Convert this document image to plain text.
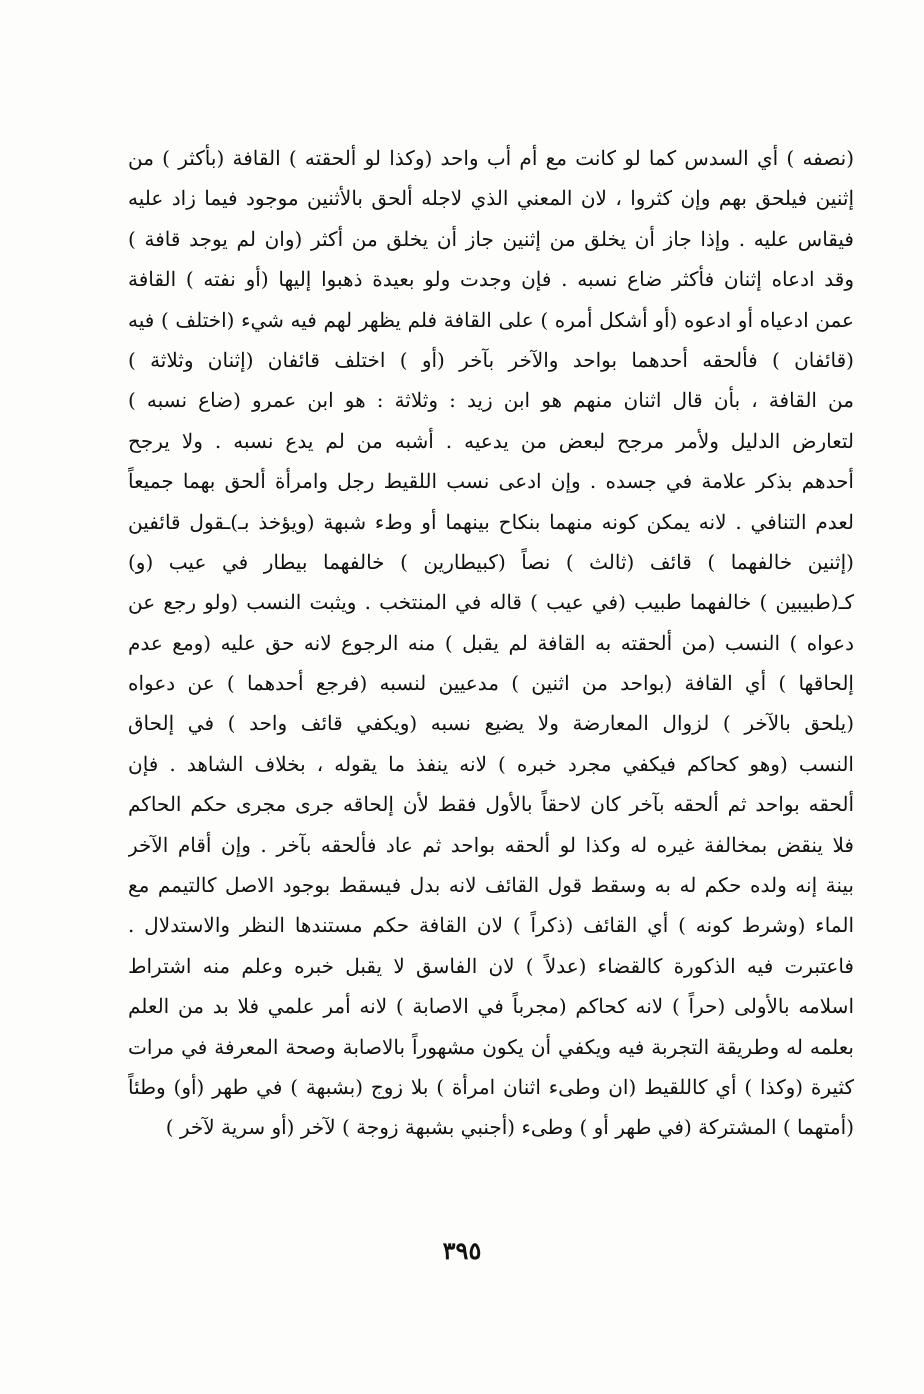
(نصفه ) أي السدس كما لو كانت مع أم أب واحد (وكذا لو ألحقته ) القافة (بأكثر ) من
إثنين فيلحق بهم وإن كثروا ، لان المعني الذي لاجله ألحق بالأثنين موجود فيما زاد عليه
فيقاس عليه . وإذا جاز أن يخلق من إثنين جاز أن يخلق من أكثر (وان لم يوجد قافة )
وقد ادعاه إثنان فأكثر ضاع نسبه . فإن وجدت ولو بعيدة ذهبوا إليها (أو نفته ) القافة
عمن ادعياه أو ادعوه (أو أشكل أمره ) على القافة فلم يظهر لهم فيه شيء (اختلف ) فيه
(قائفان ) فألحقه أحدهما بواحد والآخر بآخر (أو ) اختلف قائفان (إثنان وثلاثة )
من القافة ، بأن قال اثنان منهم هو ابن زيد : وثلاثة : هو ابن عمرو (ضاع نسبه )
لتعارض الدليل ولأمر مرجح لبعض من يدعيه . أشبه من لم يدع نسبه . ولا يرجح
أحدهم بذكر علامة في جسده . وإن ادعى نسب اللقيط رجل وامرأة ألحق بهما جميعاً
لعدم التنافي . لانه يمكن كونه منهما بنكاح بينهما أو وطء شبهة (ويؤخذ بـ)ـقول قائفين
(إثنين خالفهما ) قائف (ثالث ) نصاً (كبيطارين ) خالفهما بيطار في عيب (و)
كـ(طبيبين ) خالفهما طبيب (في عيب ) قاله في المنتخب . ويثبت النسب (ولو رجع عن
دعواه ) النسب (من ألحقته به القافة لم يقبل ) منه الرجوع لانه حق عليه (ومع عدم
إلحاقها ) أي القافة (بواحد من اثنين ) مدعيين لنسبه (فرجع أحدهما ) عن دعواه
(يلحق بالآخر ) لزوال المعارضة ولا يضيع نسبه (ويكفي قائف واحد ) في إلحاق
النسب (وهو كحاكم فيكفي مجرد خبره ) لانه ينفذ ما يقوله ، بخلاف الشاهد . فإن
ألحقه بواحد ثم ألحقه بآخر كان لاحقاً بالأول فقط لأن إلحاقه جرى مجرى حكم الحاكم
فلا ينقض بمخالفة غيره له وكذا لو ألحقه بواحد ثم عاد فألحقه بآخر . وإن أقام الآخر
بينة إنه ولده حكم له به وسقط قول القائف لانه بدل فيسقط بوجود الاصل كالتيمم مع
الماء (وشرط كونه ) أي القائف (ذكراً ) لان القافة حكم مستندها النظر والاستدلال .
فاعتبرت فيه الذكورة كالقضاء (عدلاً ) لان الفاسق لا يقبل خبره وعلم منه اشتراط
اسلامه بالأولى (حراً ) لانه كحاكم (مجرباً في الاصابة ) لانه أمر علمي فلا بد من العلم
بعلمه له وطريقة التجربة فيه ويكفي أن يكون مشهوراً بالاصابة وصحة المعرفة في مرات
كثيرة (وكذا ) أي كاللقيط (ان وطىء اثنان امرأة ) بلا زوج (بشبهة ) في طهر (أو) وطئاً
(أمتهما ) المشتركة (في طهر أو ) وطىء (أجنبي بشبهة زوجة ) لآخر (أو سرية لآخر )
٣٩٥
